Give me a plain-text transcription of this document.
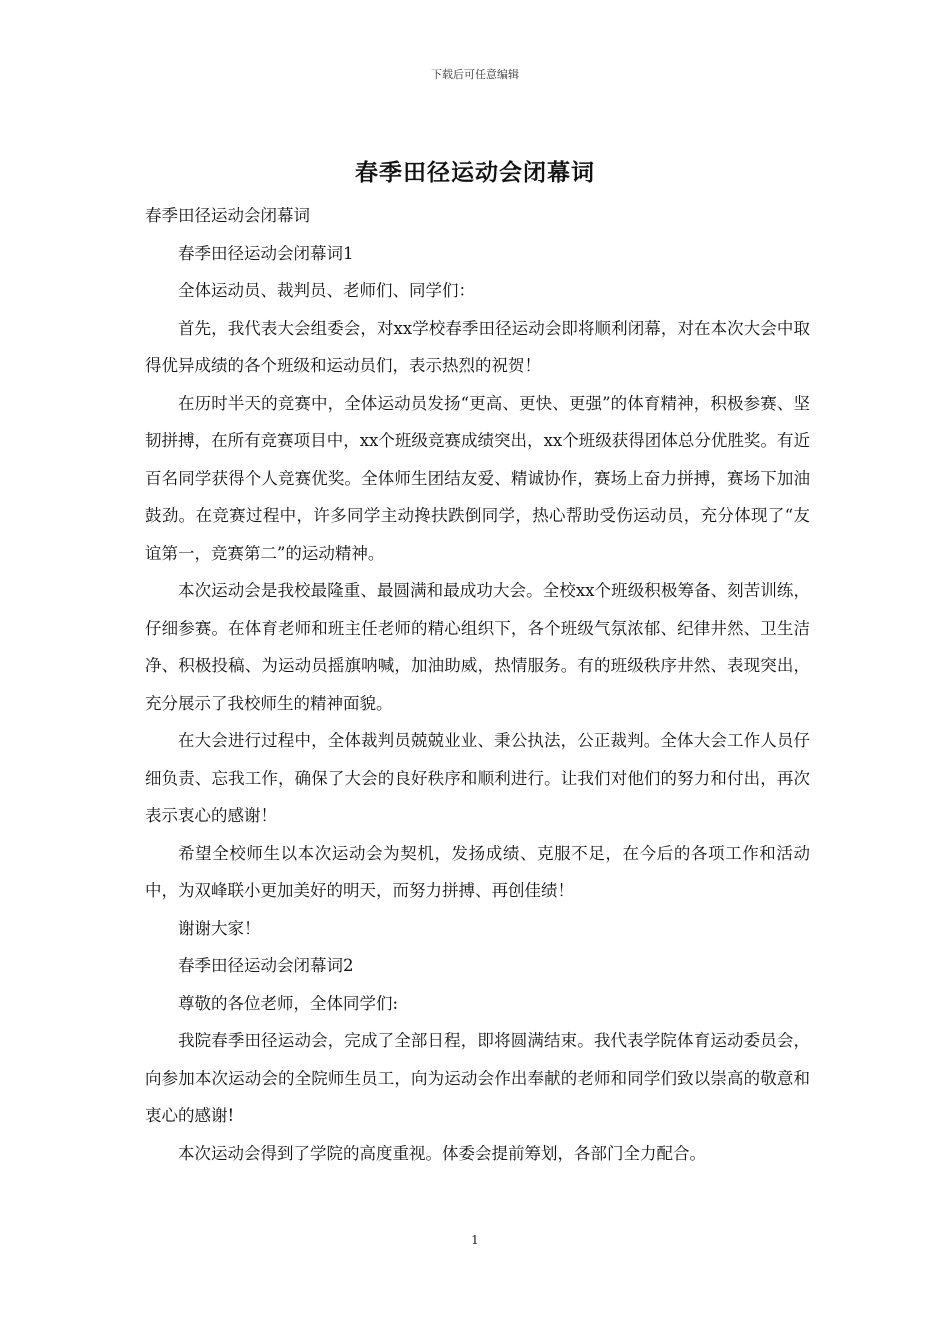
下载后可任意编辑
春季田径运动会闭幕词

春季田径运动会闭幕词

春季田径运动会闭幕词1

全体运动员、裁判员、老师们、同学们：

首先，我代表大会组委会，对xx学校春季田径运动会即将顺利闭幕，对在本次大会中取得优异成绩的各个班级和运动员们，表示热烈的祝贺！

在历时半天的竞赛中，全体运动员发扬“更高、更快、更强”的体育精神，积极参赛、坚韧拼搏，在所有竞赛项目中，xx个班级竞赛成绩突出，xx个班级获得团体总分优胜奖。有近百名同学获得个人竞赛优奖。全体师生团结友爱、精诚协作，赛场上奋力拼搏，赛场下加油鼓劲。在竞赛过程中，许多同学主动搀扶跌倒同学，热心帮助受伤运动员，充分体现了“友谊第一，竞赛第二”的运动精神。

本次运动会是我校最隆重、最圆满和最成功大会。全校xx个班级积极筹备、刻苦训练，仔细参赛。在体育老师和班主任老师的精心组织下，各个班级气氛浓郁、纪律井然、卫生洁净、积极投稿、为运动员摇旗呐喊，加油助威，热情服务。有的班级秩序井然、表现突出，充分展示了我校师生的精神面貌。

在大会进行过程中，全体裁判员兢兢业业、秉公执法，公正裁判。全体大会工作人员仔细负责、忘我工作，确保了大会的良好秩序和顺利进行。让我们对他们的努力和付出，再次表示衷心的感谢！

希望全校师生以本次运动会为契机，发扬成绩、克服不足，在今后的各项工作和活动中，为双峰联小更加美好的明天，而努力拼搏、再创佳绩！

谢谢大家！

春季田径运动会闭幕词2

尊敬的各位老师，全体同学们:

我院春季田径运动会，完成了全部日程，即将圆满结束。我代表学院体育运动委员会，向参加本次运动会的全院师生员工，向为运动会作出奉献的老师和同学们致以崇高的敬意和衷心的感谢!

本次运动会得到了学院的高度重视。体委会提前筹划，各部门全力配合。

1
